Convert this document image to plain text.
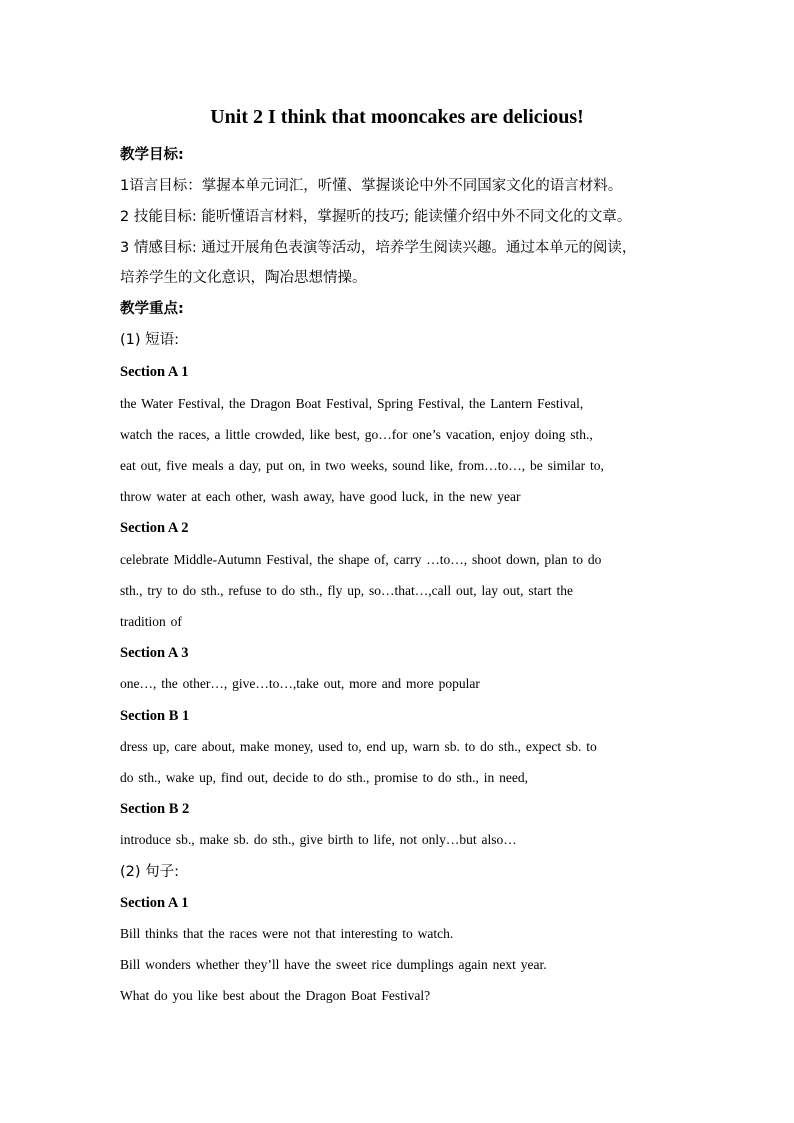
Unit 2 I think that mooncakes are delicious!
教学目标:
1语言目标：掌握本单元词汇，听懂、掌握谈论中外不同国家文化的语言材料。
2 技能目标: 能听懂语言材料，掌握听的技巧; 能读懂介绍中外不同文化的文章。
3 情感目标: 通过开展角色表演等活动，培养学生阅读兴趣。通过本单元的阅读，
培养学生的文化意识，陶冶思想情操。
教学重点:
(1) 短语:
Section A 1
the Water Festival, the Dragon Boat Festival, Spring Festival, the Lantern Festival,
watch the races, a little crowded, like best, go…for one’s vacation, enjoy doing sth.,
eat out, five meals a day, put on, in two weeks, sound like, from…to…, be similar to,
throw water at each other, wash away, have good luck, in the new year
Section A 2
celebrate Middle-Autumn Festival, the shape of, carry …to…, shoot down, plan to do
sth., try to do sth., refuse to do sth., fly up, so…that…,call out, lay out, start the
tradition of
Section A 3
one…, the other…, give…to…,take out, more and more popular
Section B 1
dress up, care about, make money, used to, end up, warn sb. to do sth., expect sb. to
do sth., wake up, find out, decide to do sth., promise to do sth., in need,
Section B 2
introduce sb., make sb. do sth., give birth to life, not only…but also…
(2) 句子:
Section A 1
Bill thinks that the races were not that interesting to watch.
Bill wonders whether they’ll have the sweet rice dumplings again next year.
What do you like best about the Dragon Boat Festival?
